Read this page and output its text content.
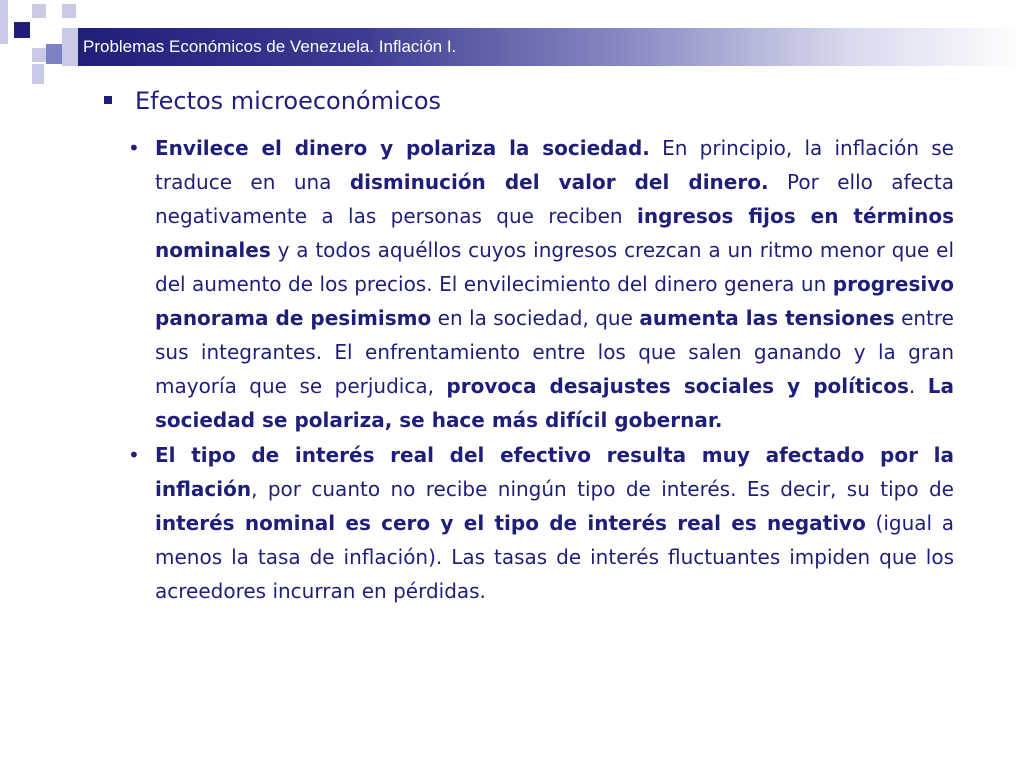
Problemas Económicos de Venezuela. Inflación I.
Efectos microeconómicos
• Envilece el dinero y polariza la sociedad. En principio, la inflación se traduce en una disminución del valor del dinero. Por ello afecta negativamente a las personas que reciben ingresos fijos en términos nominales y a todos aquéllos cuyos ingresos crezcan a un ritmo menor que el del aumento de los precios. El envilecimiento del dinero genera un progresivo panorama de pesimismo en la sociedad, que aumenta las tensiones entre sus integrantes. El enfrentamiento entre los que salen ganando y la gran mayoría que se perjudica, provoca desajustes sociales y políticos. La sociedad se polariza, se hace más difícil gobernar.
• El tipo de interés real del efectivo resulta muy afectado por la inflación, por cuanto no recibe ningún tipo de interés. Es decir, su tipo de interés nominal es cero y el tipo de interés real es negativo (igual a menos la tasa de inflación). Las tasas de interés fluctuantes impiden que los acreedores incurran en pérdidas.
